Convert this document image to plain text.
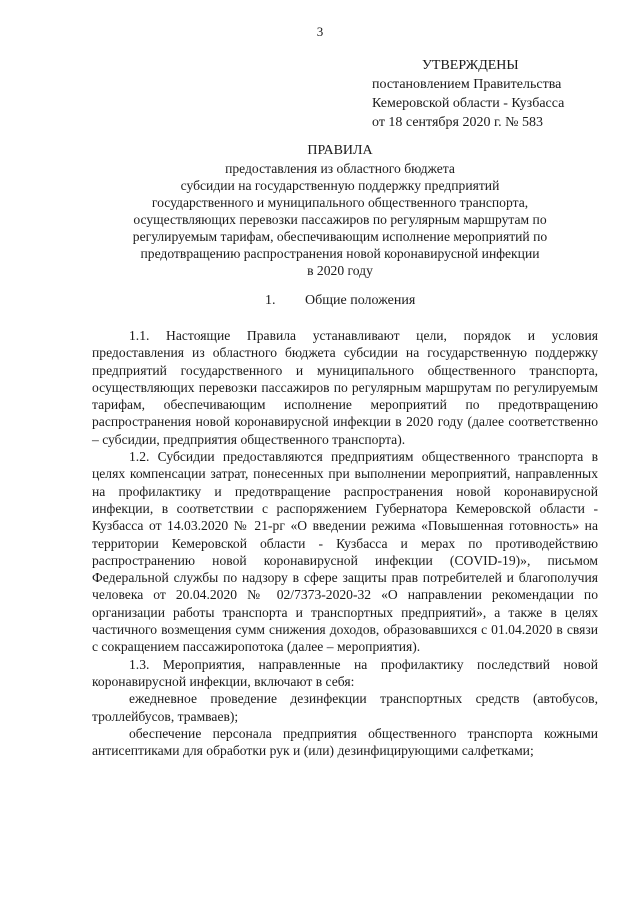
3
УТВЕРЖДЕНЫ
постановлением Правительства
Кемеровской области - Кузбасса
от 18 сентября 2020 г. № 583
ПРАВИЛА
предоставления из областного бюджета
субсидии на государственную поддержку предприятий
государственного и муниципального общественного транспорта,
осуществляющих перевозки пассажиров по регулярным маршрутам по
регулируемым тарифам, обеспечивающим исполнение мероприятий по
предотвращению распространения новой коронавирусной инфекции
в 2020 году
1. Общие положения

1.1. Настоящие Правила устанавливают цели, порядок и условия предоставления из областного бюджета субсидии на государственную поддержку предприятий государственного и муниципального общественного транспорта, осуществляющих перевозки пассажиров по регулярным маршрутам по регулируемым тарифам, обеспечивающим исполнение мероприятий по предотвращению распространения новой коронавирусной инфекции в 2020 году (далее соответственно – субсидии, предприятия общественного транспорта).

1.2. Субсидии предоставляются предприятиям общественного транспорта в целях компенсации затрат, понесенных при выполнении мероприятий, направленных на профилактику и предотвращение распространения новой коронавирусной инфекции, в соответствии с распоряжением Губернатора Кемеровской области - Кузбасса от 14.03.2020 № 21-рг «О введении режима «Повышенная готовность» на территории Кемеровской области - Кузбасса и мерах по противодействию распространению новой коронавирусной инфекции (COVID-19)», письмом Федеральной службы по надзору в сфере защиты прав потребителей и благополучия человека от 20.04.2020 № 02/7373-2020-32 «О направлении рекомендации по организации работы транспорта и транспортных предприятий», а также в целях частичного возмещения сумм снижения доходов, образовавшихся с 01.04.2020 в связи с сокращением пассажиропотока (далее – мероприятия).

1.3. Мероприятия, направленные на профилактику последствий новой коронавирусной инфекции, включают в себя:

ежедневное проведение дезинфекции транспортных средств (автобусов, троллейбусов, трамваев);

обеспечение персонала предприятия общественного транспорта кожными антисептиками для обработки рук и (или) дезинфицирующими салфетками;
